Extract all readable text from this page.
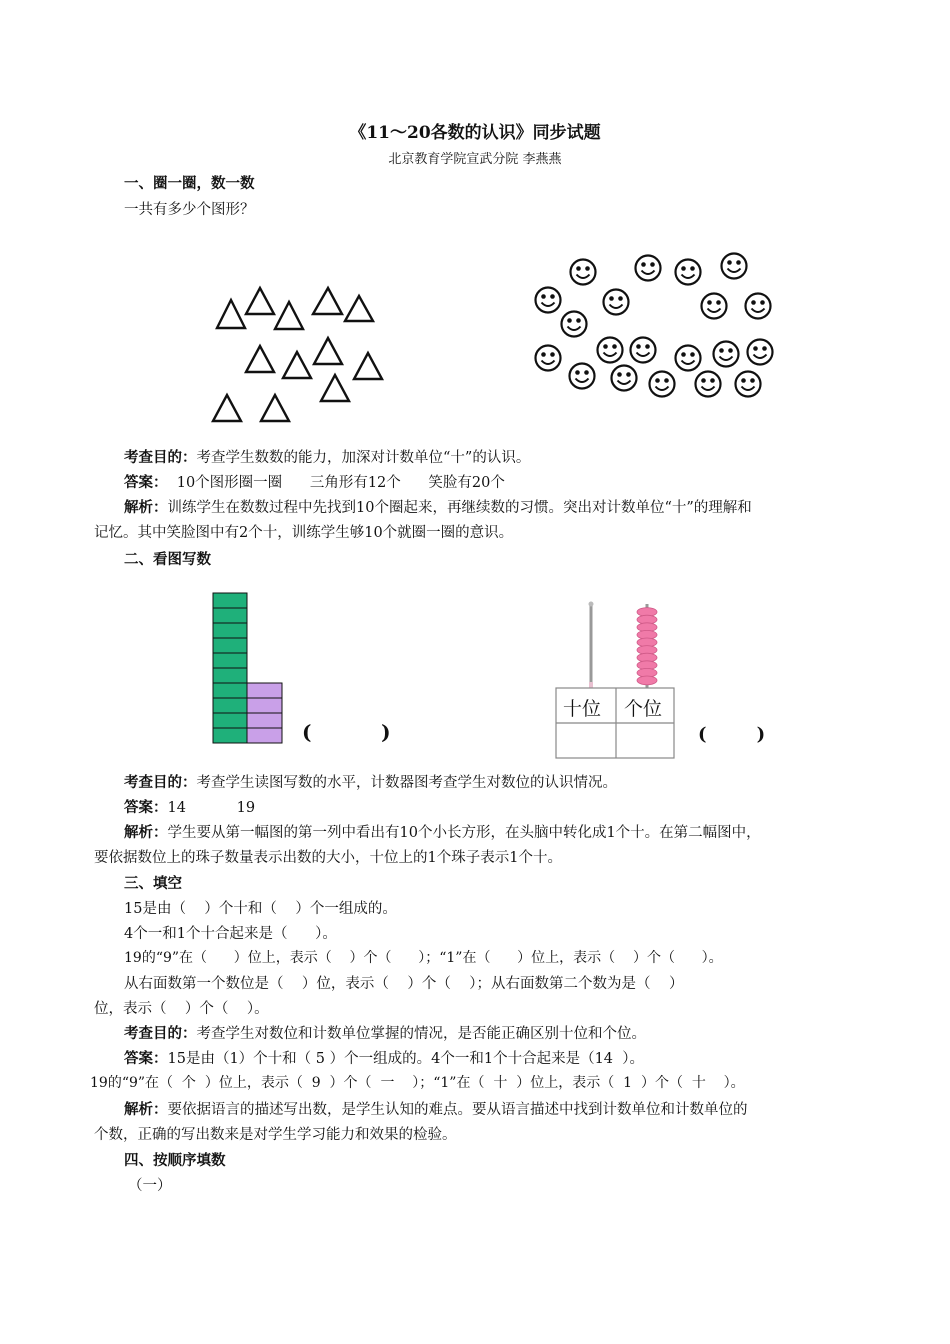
《11～20各数的认识》同步试题
北京教育学院宣武分院 李燕燕
一、圈一圈，数一数
一共有多少个图形？
考查目的：考查学生数数的能力，加深对计数单位“十”的认识。
答案：  10个图形圈一圈      三角形有12个      笑脸有20个
解析：训练学生在数数过程中先找到10个圈起来，再继续数的习惯。突出对计数单位“十”的理解和
记忆。其中笑脸图中有2个十，训练学生够10个就圈一圈的意识。
二、看图写数
(          )
十位 个位
(        )
考查目的：考查学生读图写数的水平，计数器图考查学生对数位的认识情况。
答案：14           19
解析：学生要从第一幅图的第一列中看出有10个小长方形，在头脑中转化成1个十。在第二幅图中，
要依据数位上的珠子数量表示出数的大小，十位上的1个珠子表示1个十。
三、填空
15是由（    ）个十和（    ）个一组成的。
4个一和1个十合起来是（      ）。
19的“9”在（      ）位上，表示（    ）个（      ）；“1”在（      ）位上，表示（    ）个（      ）。
从右面数第一个数位是（    ）位，表示（    ）个（    ）；从右面数第二个数为是（    ）
位，表示（    ）个（    ）。
考查目的：考查学生对数位和计数单位掌握的情况，是否能正确区别十位和个位。
答案：15是由（1）个十和（ 5 ）个一组成的。4个一和1个十合起来是（14  ）。
19的“9”在（  个  ）位上，表示（  9  ）个（  一    ）；“1”在（  十  ）位上，表示（  1  ）个（  十    ）。
解析：要依据语言的描述写出数，是学生认知的难点。要从语言描述中找到计数单位和计数单位的
个数，正确的写出数来是对学生学习能力和效果的检验。
四、按顺序填数
（一）
